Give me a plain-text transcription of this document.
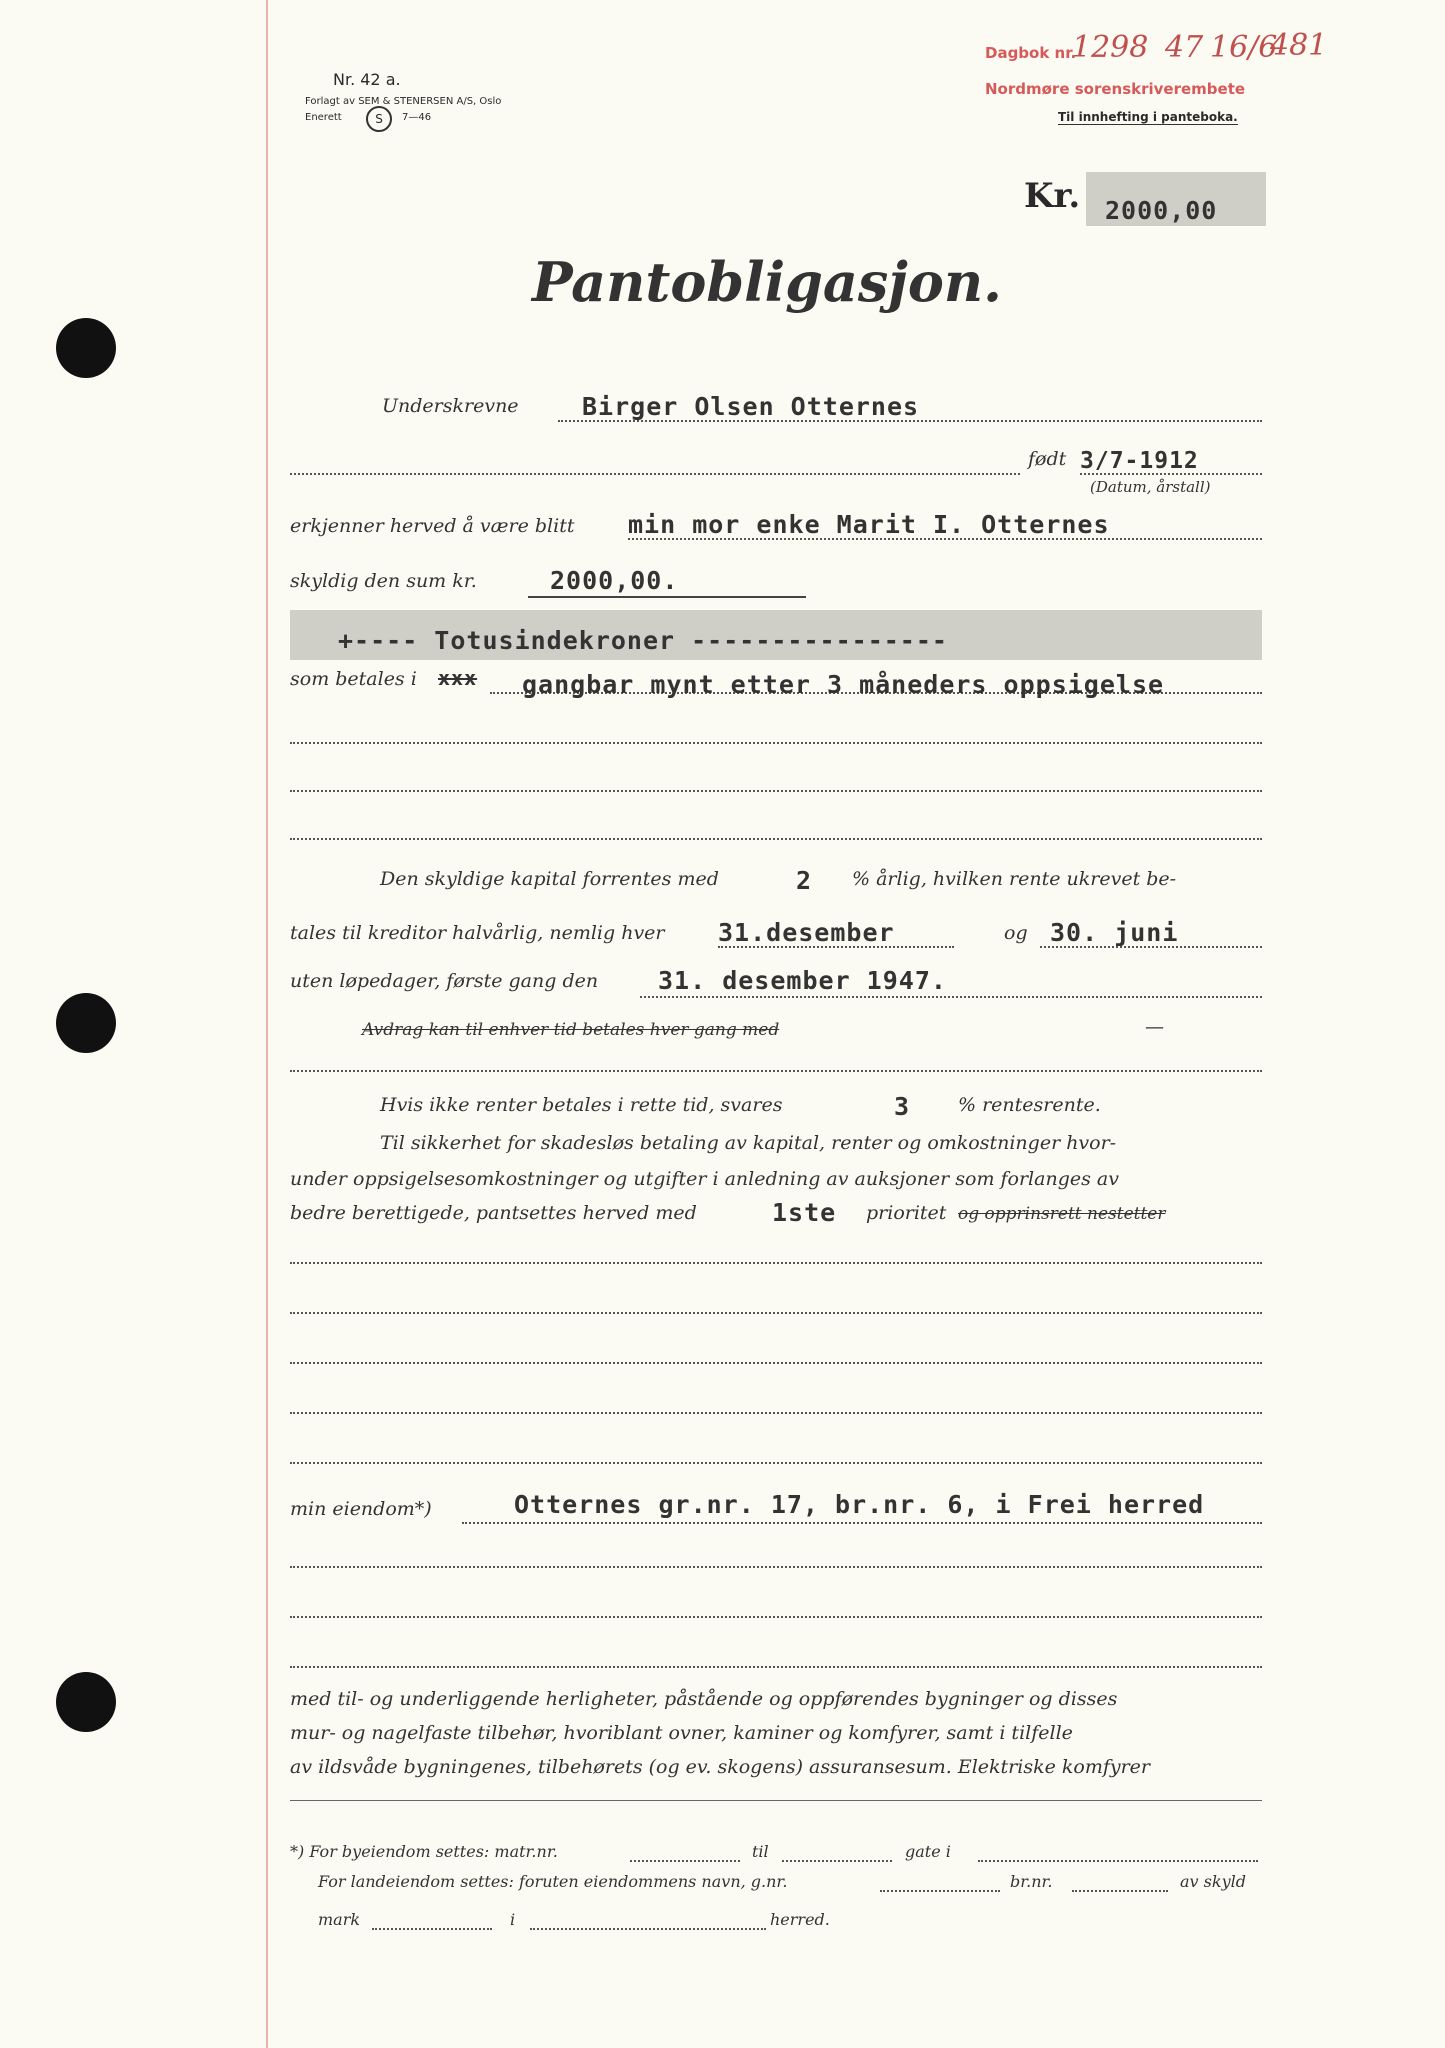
Nr. 42 a.
Forlagt av SEM & STENERSEN A/S, Oslo
Enerett	S	7—46
Dagbok nr.
1298 47 16/6
481
Nordmøre sorenskriverembete
Til innhefting i panteboka.
Kr. 2000,00
Pantobligasjon.
Underskrevne	Birger Olsen Otternes
født 3/7-1912
(Datum, årstall)
erkjenner herved å være blitt min mor enke Marit I. Otternes
skyldig den sum kr.	2000,00.
+---- Totusindekroner ----------------
som betales i xxx gangbar mynt etter 3 måneders oppsigelse
Den skyldige kapital forrentes med	2 % årlig, hvilken rente ukrevet be-
tales til kreditor halvårlig, nemlig hver 31.desember	og 30. juni
uten løpedager, første gang den 31. desember 1947.
Avdrag kan til enhver tid betales hver gang med	—
Hvis ikke renter betales i rette tid, svares	3	% rentesrente.
Til sikkerhet for skadesløs betaling av kapital, renter og omkostninger hvor-
under oppsigelsesomkostninger og utgifter i anledning av auksjoner som forlanges av
bedre berettigede, pantsettes herved med	1ste prioritet og opprinsrett nestetter
min eiendom*)	Otternes gr.nr. 17, br.nr. 6, i Frei herred
med til- og underliggende herligheter, påstående og oppførendes bygninger og disses
mur- og nagelfaste tilbehør, hvoriblant ovner, kaminer og komfyrer, samt i tilfelle
av ildsvåde bygningenes, tilbehørets (og ev. skogens) assuransesum. Elektriske komfyrer
*) For byeiendom settes: matr.nr.	til	gate i
For landeiendom settes: foruten eiendommens navn, g.nr.	br.nr.	av skyld
mark	i	herred.
